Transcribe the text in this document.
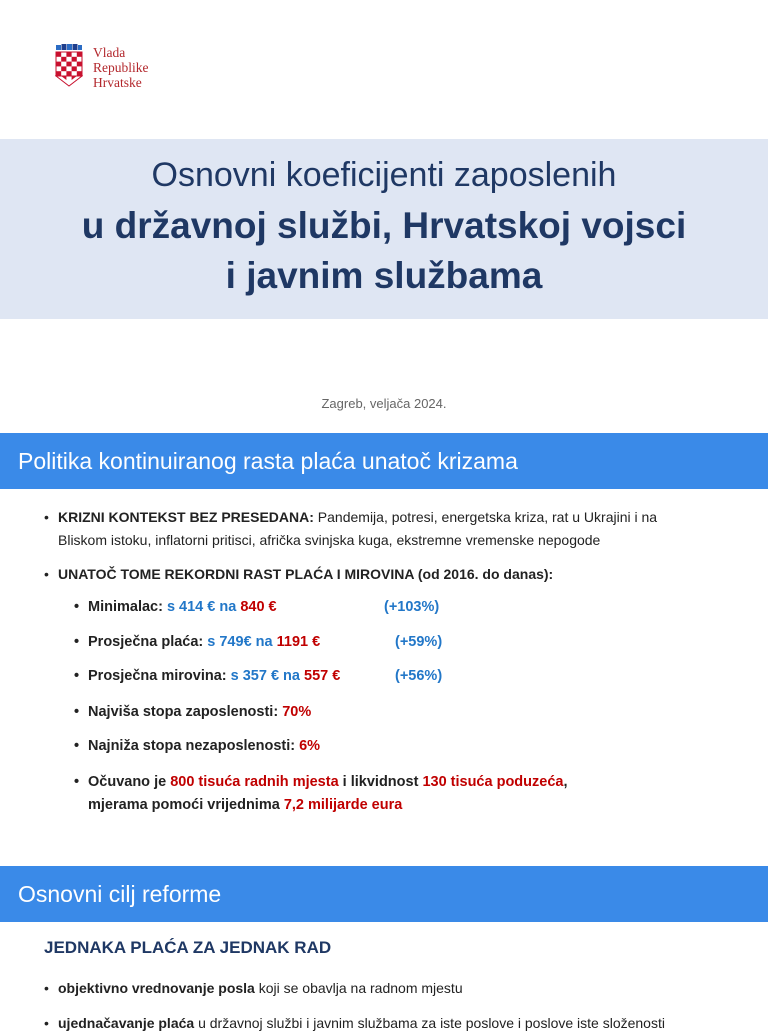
Vlada
Republike
Hrvatske
Osnovni koeficijenti zaposlenih
u državnoj službi, Hrvatskoj vojsci
i javnim službama
Zagreb, veljača 2024.
Politika kontinuiranog rasta plaća unatoč krizama
• KRIZNI KONTEKST BEZ PRESEDANA: Pandemija, potresi, energetska kriza, rat u Ukrajini i na
Bliskom istoku, inflatorni pritisci, afrička svinjska kuga, ekstremne vremenske nepogode
• UNATOČ TOME REKORDNI RAST PLAĆA I MIROVINA (od 2016. do danas):
• Minimalac: s 414 € na 840 €	(+103%)
• Prosječna plaća: s 749€ na 1191 €	(+59%)
• Prosječna mirovina: s 357 € na 557 €	(+56%)
• Najviša stopa zaposlenosti: 70%
• Najniža stopa nezaposlenosti: 6%
• Očuvano je 800 tisuća radnih mjesta i likvidnost 130 tisuća poduzeća,
mjerama pomoći vrijednima 7,2 milijarde eura
Osnovni cilj reforme
JEDNAKA PLAĆA ZA JEDNAK RAD
• objektivno vrednovanje posla koji se obavlja na radnom mjestu
• ujednačavanje plaća u državnoj službi i javnim službama za iste poslove i poslove iste složenosti
